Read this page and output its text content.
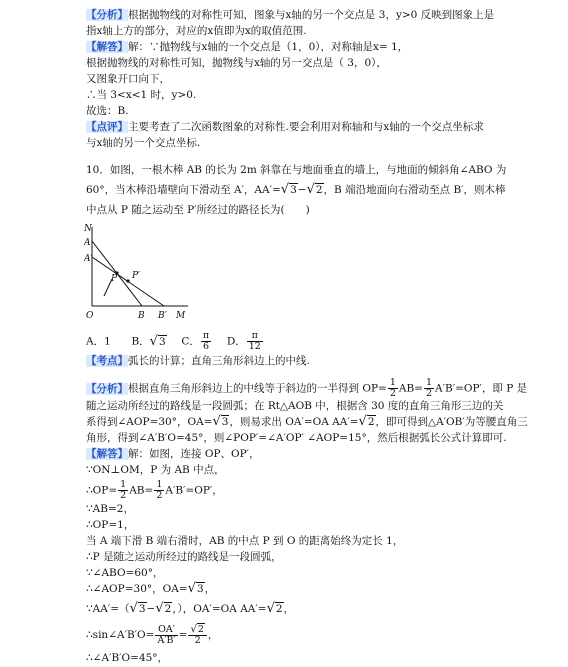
【分析】根据抛物线的对称性可知，图象与x轴的另一个交点是 3，y>0 反映到图象上是
指x轴上方的部分，对应的x值即为x的取值范围.
【解答】解：∵抛物线与x轴的一个交点是（1，0），对称轴是x= 1，
根据抛物线的对称性可知，抛物线与x轴的另一交点是（ 3，0），
又图象开口向下，
∴当 3<x<1 时，y>0.
故选：B.
【点评】主要考查了二次函数图象的对称性.要会利用对称轴和与x轴的一个交点坐标求
与x轴的另一个交点坐标.
10．如图，一根木棒 AB 的长为 2m 斜靠在与地面垂直的墙上，与地面的倾斜角∠ABO 为
60°，当木棒沿墙壁向下滑动至 A′，AA′=√3−√2，B 端沿地面向右滑动至点 B′，则木棒
中点从 P 随之运动至 P′所经过的路径长为(　　)
N
A
A′
P P′
O	B B′ M
A．1 B．√3 C． $\frac{\pi}{6}$ D． $\frac{\pi}{12}$
【考点】弧长的计算；直角三角形斜边上的中线.
【分析】根据直角三角形斜边上的中线等于斜边的一半得到 $OP= \frac{1}{2} AB= \frac{1}{2} A'B'=OP'$，即 P 是
随之运动所经过的路线是一段圆弧；在 Rt△AOB 中，根据含 30 度的直角三角形三边的关
系得到∠AOP=30°，OA=√3，则易求出 OA′=OA AA′=√2，即可得到△A′OB′为等腰直角三
角形，得到∠A′B′O=45°，则∠POP′=∠A′OP′ ∠AOP=15°，然后根据弧长公式计算即可.
【解答】解：如图，连接 OP、OP′，
∵ON⊥OM，P 为 AB 中点，
∴OP= $\frac{1}{2} AB= \frac{1}{2} A'B'=OP'$，
∵AB=2，
∴OP=1，
当 A 端下滑 B 端右滑时，AB 的中点 P 到 O 的距离始终为定长 1，
∴P 是随之运动所经过的路线是一段圆弧，
∵∠ABO=60°，
∴∠AOP=30°，OA=√3，
∵AA′=（√3−√2，），OA′=OA AA′=√2，
∴sin∠A′B′O= $\frac{OA'}{A'B'} = \frac{√2}{2}$ ，
∴∠A′B′O=45°，
